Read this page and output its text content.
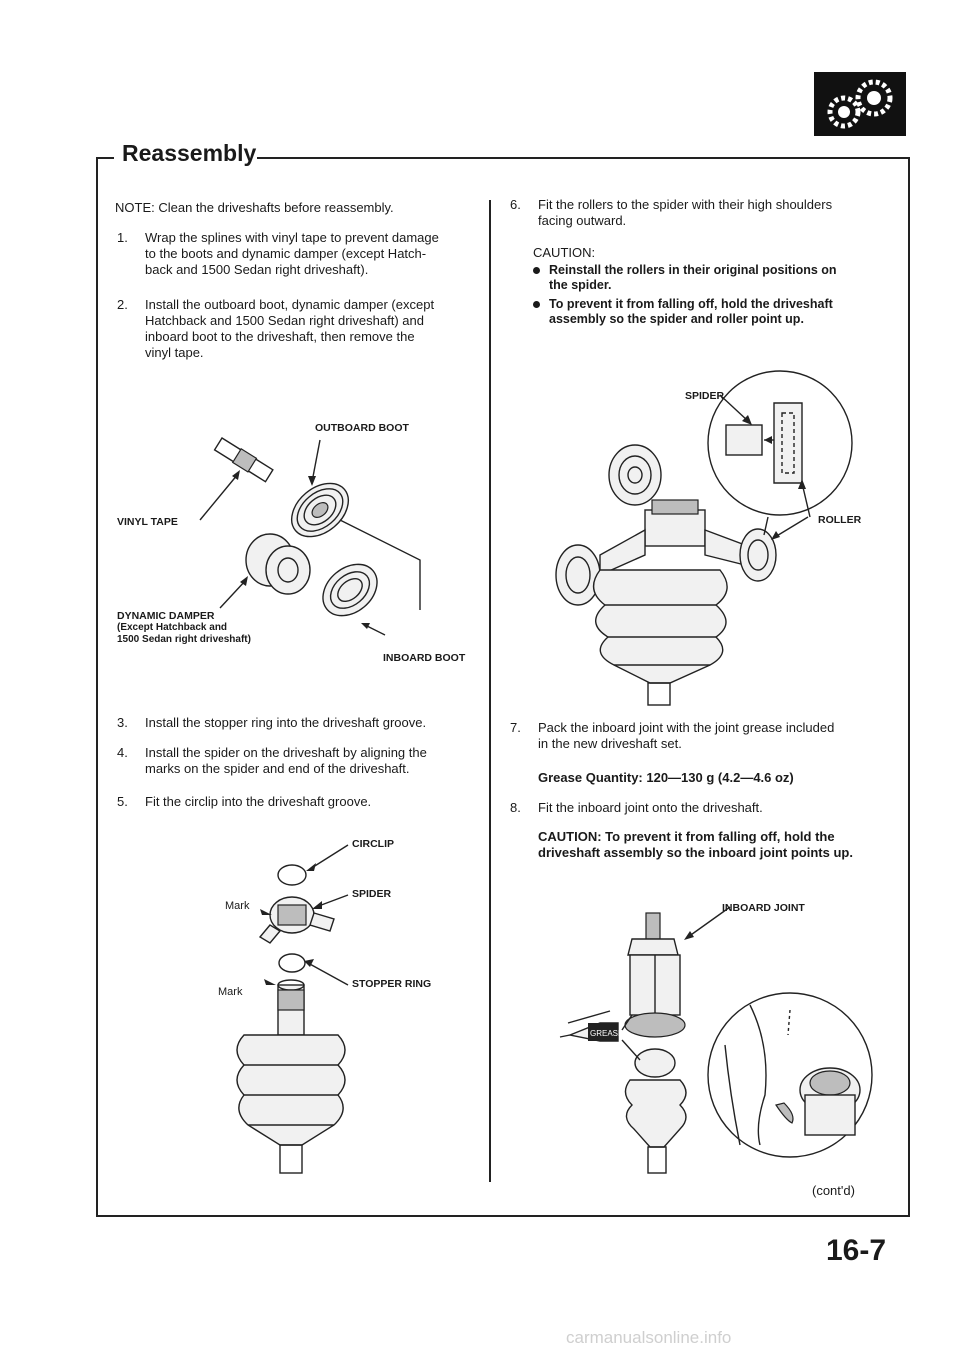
Reassembly
NOTE: Clean the driveshafts before reassembly.
1. Wrap the splines with vinyl tape to prevent damage
to the boots and dynamic damper (except Hatch-
back and 1500 Sedan right driveshaft).
2. Install the outboard boot, dynamic damper (except
Hatchback and 1500 Sedan right driveshaft) and
inboard boot to the driveshaft, then remove the
vinyl tape.
OUTBOARD BOOT
VINYL TAPE
DYNAMIC DAMPER
(Except Hatchback and
1500 Sedan right driveshaft)
INBOARD BOOT
3. Install the stopper ring into the driveshaft groove.
4. Install the spider on the driveshaft by aligning the
marks on the spider and end of the driveshaft.
5. Fit the circlip into the driveshaft groove.
CIRCLIP
SPIDER
Mark
STOPPER RING
Mark
6. Fit the rollers to the spider with their high shoulders
facing outward.
CAUTION:
Reinstall the rollers in their original positions on
the spider.
To prevent it from falling off, hold the driveshaft
assembly so the spider and roller point up.
SPIDER
ROLLER
7. Pack the inboard joint with the joint grease included
in the new driveshaft set.
Grease Quantity: 120—130 g (4.2—4.6 oz)
8. Fit the inboard joint onto the driveshaft.
CAUTION: To prevent it from falling off, hold the
driveshaft assembly so the inboard joint points up.
GREASE
INBOARD JOINT
(cont'd)
16-7
carmanualsonline.info
